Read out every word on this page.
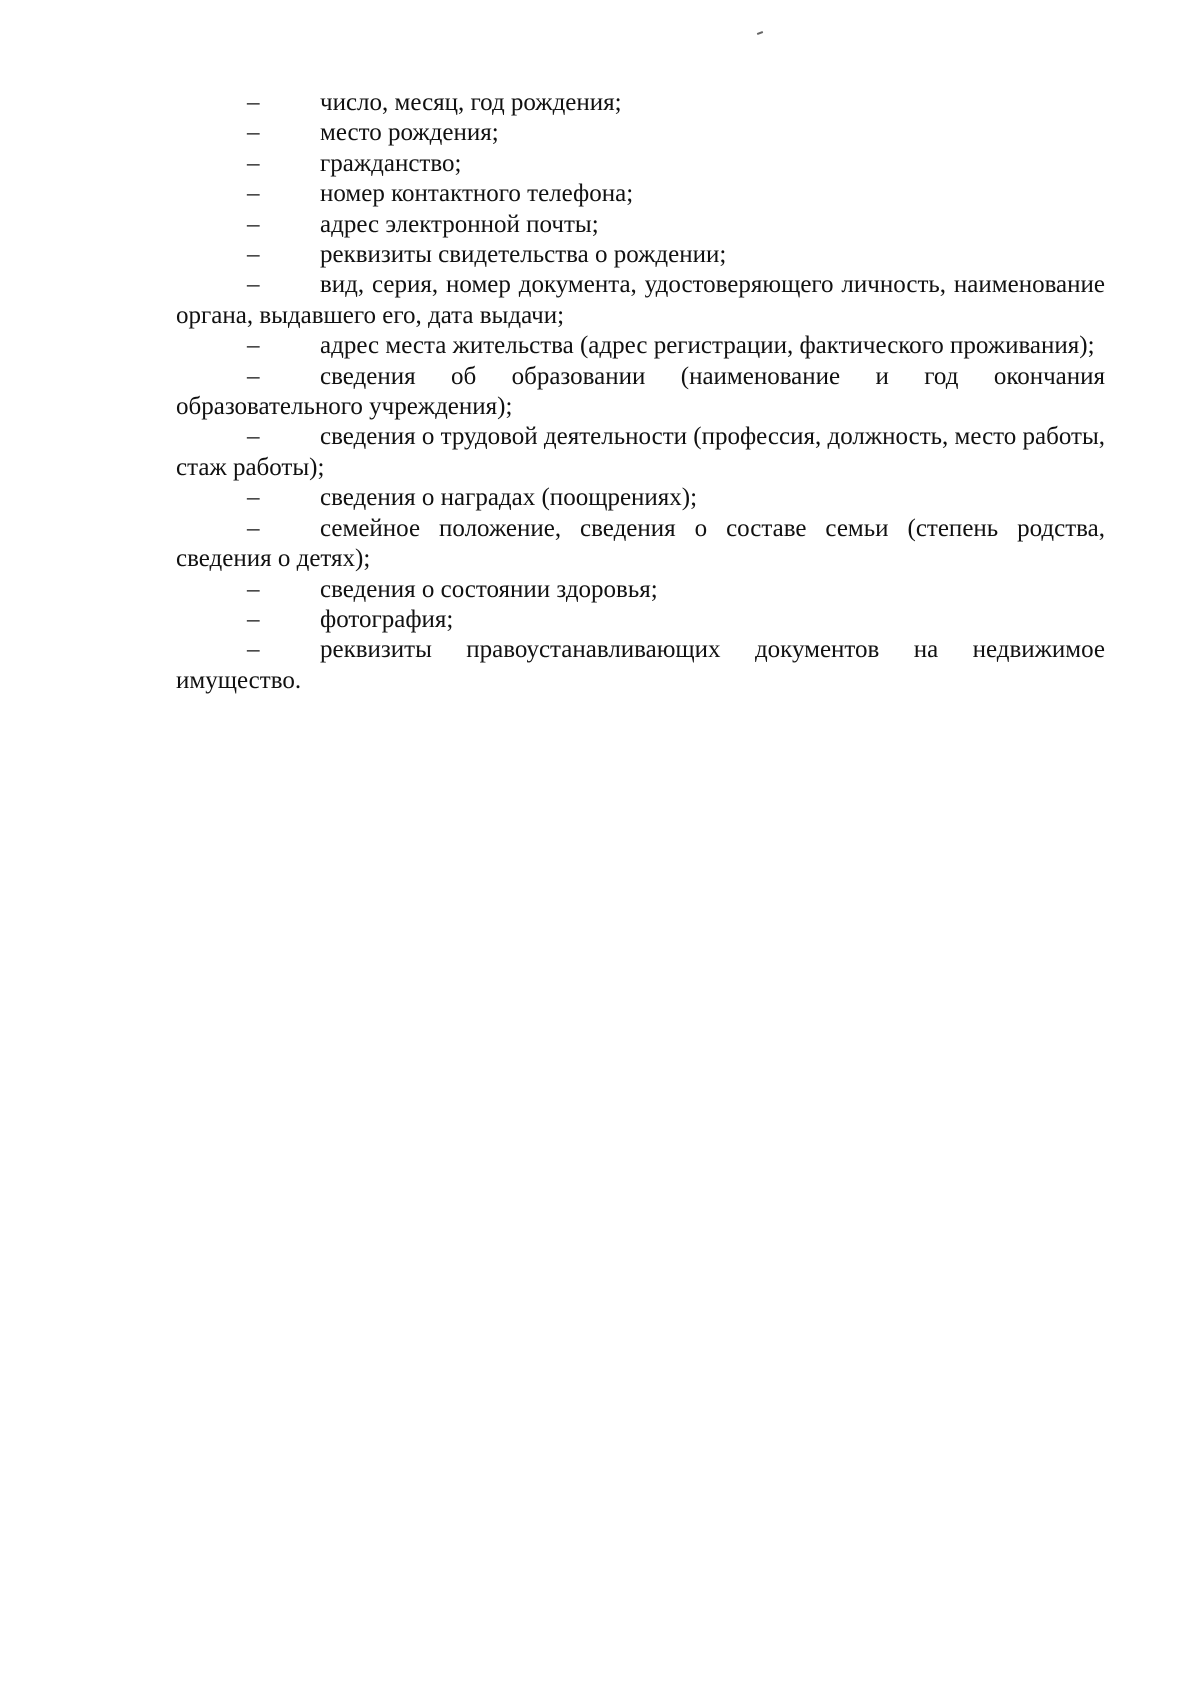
– число, месяц, год рождения;
– место рождения;
– гражданство;
– номер контактного телефона;
– адрес электронной почты;
– реквизиты свидетельства о рождении;
– вид, серия, номер документа, удостоверяющего личность, наименование органа, выдавшего его, дата выдачи;
– адрес места жительства (адрес регистрации, фактического проживания);
– сведения об образовании (наименование и год окончания образовательного учреждения);
– сведения о трудовой деятельности (профессия, должность, место работы, стаж работы);
– сведения о наградах (поощрениях);
– семейное положение, сведения о составе семьи (степень родства, сведения о детях);
– сведения о состоянии здоровья;
– фотография;
– реквизиты правоустанавливающих документов на недвижимое имущество.
